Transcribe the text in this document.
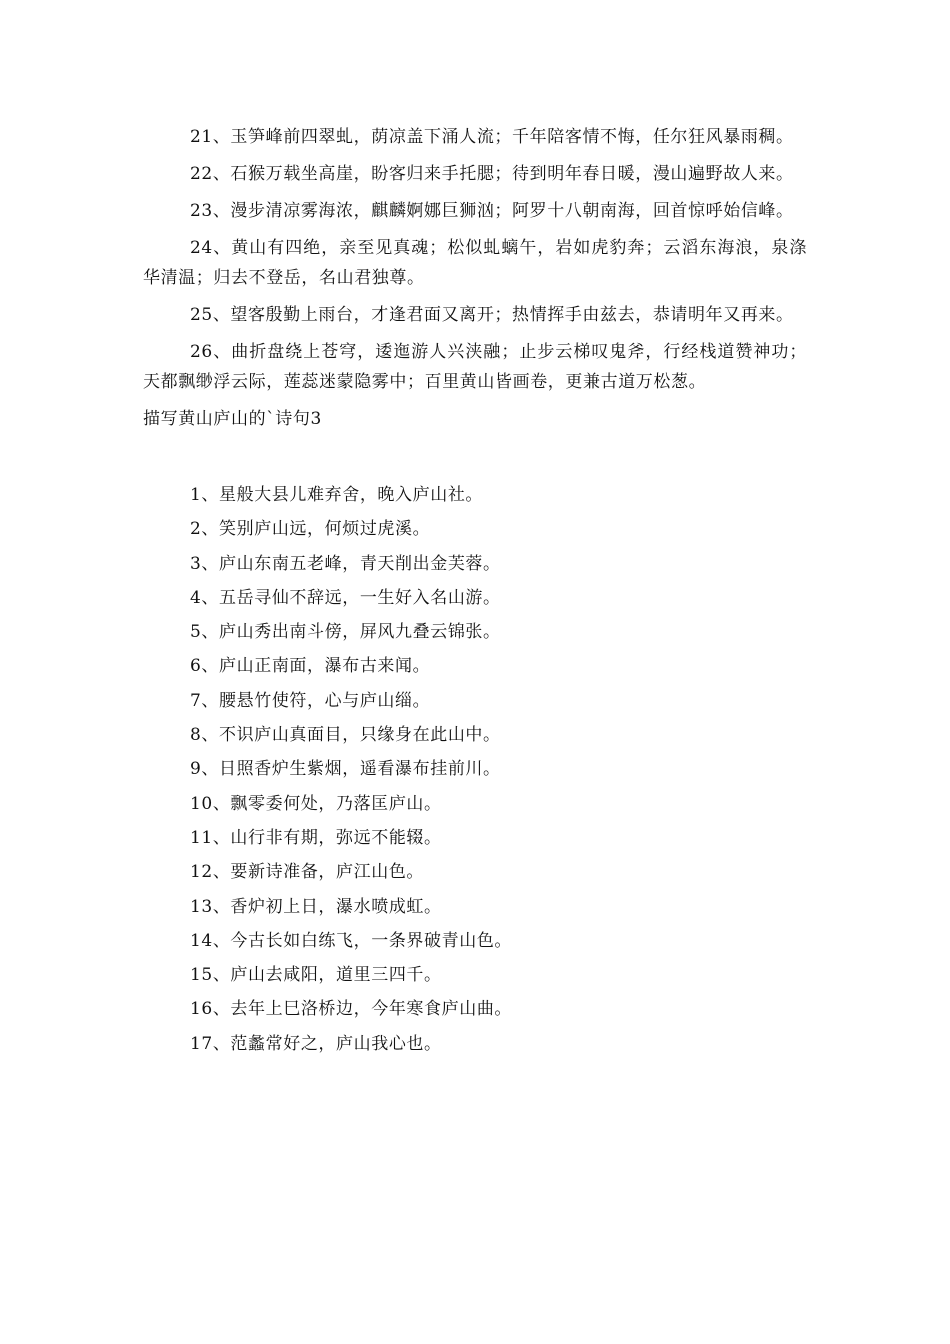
21、玉笋峰前四翠虬，荫凉盖下涌人流；千年陪客情不悔，任尔狂风暴雨稠。

22、石猴万载坐高崖，盼客归来手托腮；待到明年春日暖，漫山遍野故人来。

23、漫步清凉雾海浓，麒麟婀娜巨狮汹；阿罗十八朝南海，回首惊呼始信峰。

24、黄山有四绝，亲至见真魂；松似虬螭午，岩如虎豹奔；云滔东海浪，泉涤华清温；归去不登岳，名山君独尊。

25、望客殷勤上雨台，才逢君面又离开；热情挥手由兹去，恭请明年又再来。

26、曲折盘绕上苍穹，逶迤游人兴浃融；止步云梯叹鬼斧，行经栈道赞神功；天都飘缈浮云际，莲蕊迷蒙隐雾中；百里黄山皆画卷，更兼古道万松葱。

描写黄山庐山的`诗句3
1、星般大县儿难弃舍，晚入庐山社。
2、笑别庐山远，何烦过虎溪。
3、庐山东南五老峰，青天削出金芙蓉。
4、五岳寻仙不辞远，一生好入名山游。
5、庐山秀出南斗傍，屏风九叠云锦张。
6、庐山正南面，瀑布古来闻。
7、腰悬竹使符，心与庐山缁。
8、不识庐山真面目，只缘身在此山中。
9、日照香炉生紫烟，遥看瀑布挂前川。
10、飘零委何处，乃落匡庐山。
11、山行非有期，弥远不能辍。
12、要新诗准备，庐江山色。
13、香炉初上日，瀑水喷成虹。
14、今古长如白练飞，一条界破青山色。
15、庐山去咸阳，道里三四千。
16、去年上巳洛桥边，今年寒食庐山曲。
17、范蠡常好之，庐山我心也。
